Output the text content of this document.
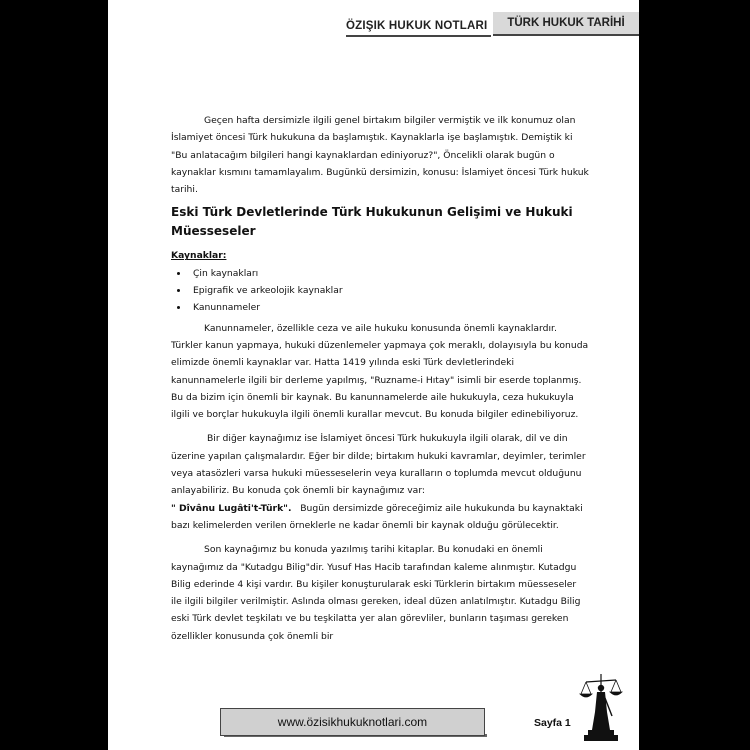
ÖZIŞIK HUKUK NOTLARI	TÜRK HUKUK TARİHİ

Geçen hafta dersimizle ilgili genel birtakım bilgiler vermiştik ve ilk konumuz olan İslamiyet öncesi Türk hukukuna da başlamıştık. Kaynaklarla işe başlamıştık. Demiştik ki "Bu anlatacağım bilgileri hangi kaynaklardan ediniyoruz?", Öncelikli olarak bugün o kaynaklar kısmını tamamlayalım. Bugünkü dersimizin, konusu: İslamiyet öncesi Türk hukuk tarihi.

Eski Türk Devletlerinde Türk Hukukunun Gelişimi ve Hukuki Müesseseler

Kaynaklar:

• Çin kaynakları
• Epigrafik ve arkeolojik kaynaklar
• Kanunnameler

Kanunnameler, özellikle ceza ve aile hukuku konusunda önemli kaynaklardır. Türkler kanun yapmaya, hukuki düzenlemeler yapmaya çok meraklı, dolayısıyla bu konuda elimizde önemli kaynaklar var. Hatta 1419 yılında eski Türk devletlerindeki kanunnamelerle ilgili bir derleme yapılmış, "Ruzname-i Hıtay" isimli bir eserde toplanmış. Bu da bizim için önemli bir kaynak. Bu kanunnamelerde aile hukukuyla, ceza hukukuyla ilgili ve borçlar hukukuyla ilgili önemli kurallar mevcut. Bu konuda bilgiler edinebiliyoruz.

Bir diğer kaynağımız ise İslamiyet öncesi Türk hukukuyla ilgili olarak, dil ve din üzerine yapılan çalışmalardır. Eğer bir dilde; birtakım hukuki kavramlar, deyimler, terimler veya atasözleri varsa hukuki müesseselerin veya kuralların o toplumda mevcut olduğunu anlayabiliriz. Bu konuda çok önemli bir kaynağımız var:
" Dîvânu Lugâti't-Türk". Bugün dersimizde göreceğimiz aile hukukunda bu kaynaktaki bazı kelimelerden verilen örneklerle ne kadar önemli bir kaynak olduğu görülecektir.

Son kaynağımız bu konuda yazılmış tarihi kitaplar. Bu konudaki en önemli kaynağımız da "Kutadgu Bilig"dir. Yusuf Has Hacib tarafından kaleme alınmıştır. Kutadgu Bilig ederinde 4 kişi vardır. Bu kişiler konuşturularak eski Türklerin birtakım müesseseler ile ilgili bilgiler verilmiştir. Aslında olması gereken, ideal düzen anlatılmıştır. Kutadgu Bilig eski Türk devlet teşkilatı ve bu teşkilatta yer alan görevliler, bunların taşıması gereken özellikler konusunda çok önemli bir

www.özisikhukuknotlari.com	Sayfa 1
